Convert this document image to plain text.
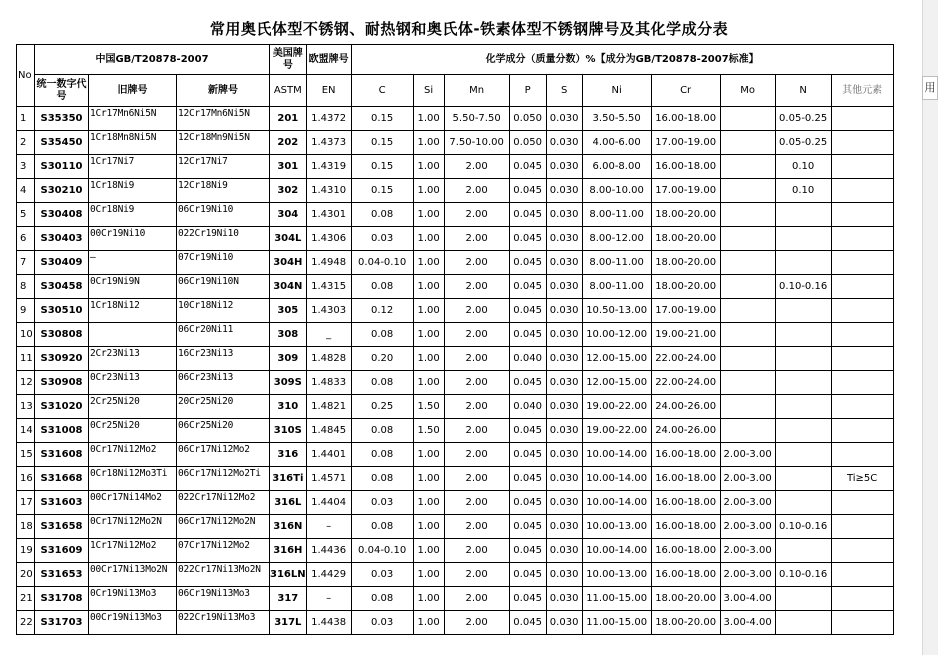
常用奥氏体型不锈钢、耐热钢和奥氏体-铁素体型不锈钢牌号及其化学成分表
用
No	中国GB/T20878-2007			美国牌号	欧盟牌号	化学成分（质量分数）%【成分为GB/T20878-2007标准】									
	统一数字代号	旧牌号	新牌号	ASTM	EN	C	Si	Mn	P	S	Ni	Cr	Mo	N	其他元素
1	S35350	1Cr17Mn6Ni5N	12Cr17Mn6Ni5N	201	1.4372	0.15	1.00	5.50-7.50	0.050	0.030	3.50-5.50	16.00-18.00		0.05-0.25	
2	S35450	1Cr18Mn8Ni5N	12Cr18Mn9Ni5N	202	1.4373	0.15	1.00	7.50-10.00	0.050	0.030	4.00-6.00	17.00-19.00		0.05-0.25	
3	S30110	1Cr17Ni7	12Cr17Ni7	301	1.4319	0.15	1.00	2.00	0.045	0.030	6.00-8.00	16.00-18.00		0.10	
4	S30210	1Cr18Ni9	12Cr18Ni9	302	1.4310	0.15	1.00	2.00	0.045	0.030	8.00-10.00	17.00-19.00		0.10	
5	S30408	0Cr18Ni9	06Cr19Ni10	304	1.4301	0.08	1.00	2.00	0.045	0.030	8.00-11.00	18.00-20.00			
6	S30403	00Cr19Ni10	022Cr19Ni10	304L	1.4306	0.03	1.00	2.00	0.045	0.030	8.00-12.00	18.00-20.00			
7	S30409	—	07Cr19Ni10	304H	1.4948	0.04-0.10	1.00	2.00	0.045	0.030	8.00-11.00	18.00-20.00			
8	S30458	0Cr19Ni9N	06Cr19Ni10N	304N	1.4315	0.08	1.00	2.00	0.045	0.030	8.00-11.00	18.00-20.00		0.10-0.16	
9	S30510	1Cr18Ni12	10Cr18Ni12	305	1.4303	0.12	1.00	2.00	0.045	0.030	10.50-13.00	17.00-19.00			
10	S30808		06Cr20Ni11	308	_	0.08	1.00	2.00	0.045	0.030	10.00-12.00	19.00-21.00			
11	S30920	2Cr23Ni13	16Cr23Ni13	309	1.4828	0.20	1.00	2.00	0.040	0.030	12.00-15.00	22.00-24.00			
12	S30908	0Cr23Ni13	06Cr23Ni13	309S	1.4833	0.08	1.00	2.00	0.045	0.030	12.00-15.00	22.00-24.00			
13	S31020	2Cr25Ni20	20Cr25Ni20	310	1.4821	0.25	1.50	2.00	0.040	0.030	19.00-22.00	24.00-26.00			
14	S31008	0Cr25Ni20	06Cr25Ni20	310S	1.4845	0.08	1.50	2.00	0.045	0.030	19.00-22.00	24.00-26.00			
15	S31608	0Cr17Ni12Mo2	06Cr17Ni12Mo2	316	1.4401	0.08	1.00	2.00	0.045	0.030	10.00-14.00	16.00-18.00	2.00-3.00		
16	S31668	0Cr18Ni12Mo3Ti	06Cr17Ni12Mo2Ti	316Ti	1.4571	0.08	1.00	2.00	0.045	0.030	10.00-14.00	16.00-18.00	2.00-3.00		Ti≥5C
17	S31603	00Cr17Ni14Mo2	022Cr17Ni12Mo2	316L	1.4404	0.03	1.00	2.00	0.045	0.030	10.00-14.00	16.00-18.00	2.00-3.00		
18	S31658	0Cr17Ni12Mo2N	06Cr17Ni12Mo2N	316N	–	0.08	1.00	2.00	0.045	0.030	10.00-13.00	16.00-18.00	2.00-3.00	0.10-0.16	
19	S31609	1Cr17Ni12Mo2	07Cr17Ni12Mo2	316H	1.4436	0.04-0.10	1.00	2.00	0.045	0.030	10.00-14.00	16.00-18.00	2.00-3.00		
20	S31653	00Cr17Ni13Mo2N	022Cr17Ni13Mo2N	316LN	1.4429	0.03	1.00	2.00	0.045	0.030	10.00-13.00	16.00-18.00	2.00-3.00	0.10-0.16	
21	S31708	0Cr19Ni13Mo3	06Cr19Ni13Mo3	317	–	0.08	1.00	2.00	0.045	0.030	11.00-15.00	18.00-20.00	3.00-4.00		
22	S31703	00Cr19Ni13Mo3	022Cr19Ni13Mo3	317L	1.4438	0.03	1.00	2.00	0.045	0.030	11.00-15.00	18.00-20.00	3.00-4.00		
